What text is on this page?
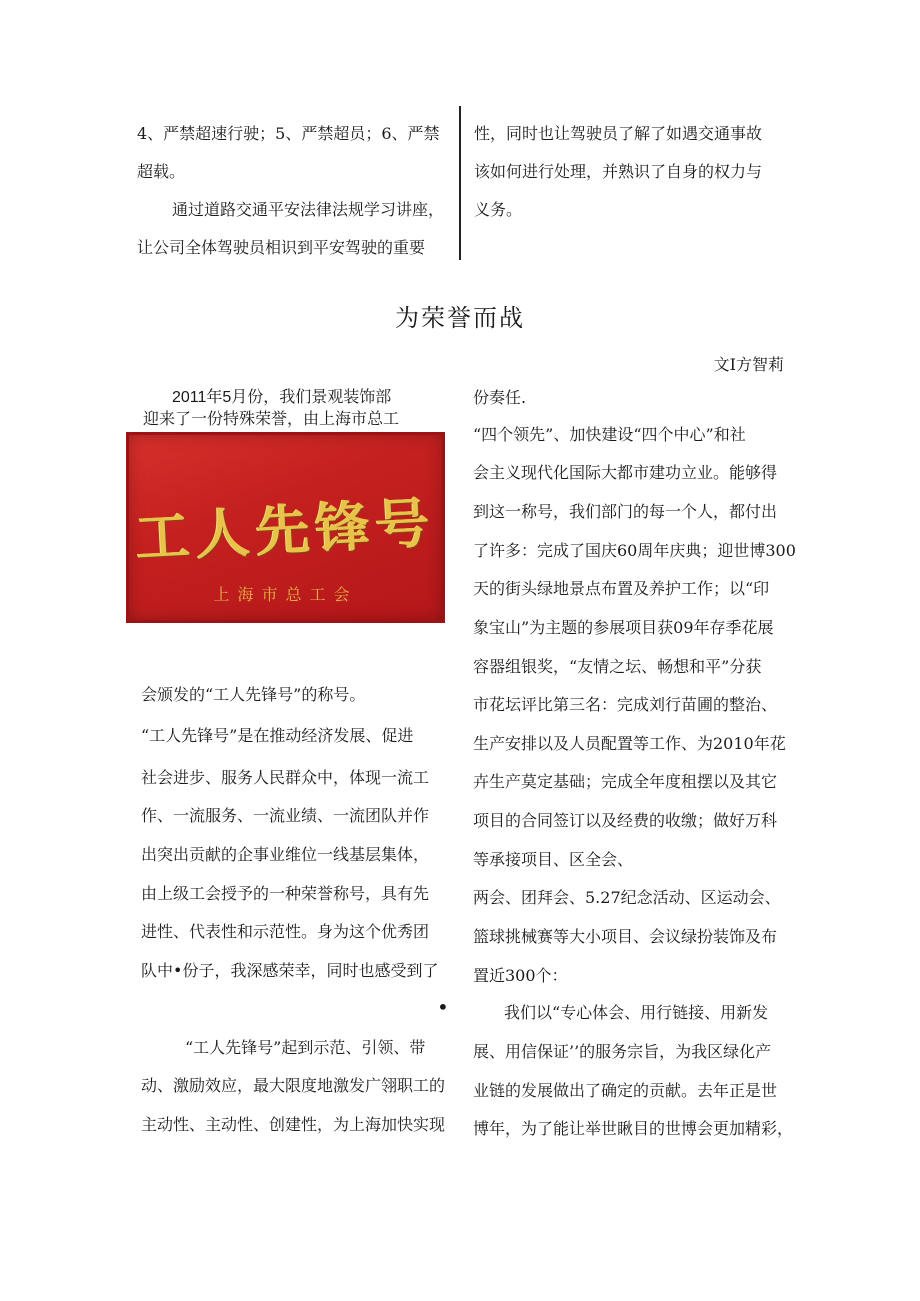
4、严禁超速行驶；5、严禁超员；6、严禁
超载。
通过道路交通平安法律法规学习讲座，
让公司全体驾驶员相识到平安驾驶的重要
性，同时也让驾驶员了解了如遇交通事故
该如何进行处理，并熟识了自身的权力与
义务。
为荣誉而战
文I方智莉
2011年5月份，我们景观装饰部
迎来了一份特殊荣誉，由上海市总工
工人先锋号
上海市总工会
会颁发的“工人先锋号”的称号。
“工人先锋号”是在推动经济发展、促进
社会进步、服务人民群众中，体现一流工
作、一流服务、一流业绩、一流团队并作
出突出贡献的企事业维位一线基层集体，
由上级工会授予的一种荣誉称号，具有先
进性、代表性和示范性。身为这个优秀团
队中•份子，我深感荣幸，同时也感受到了
•
“工人先锋号”起到示范、引领、带
动、激励效应，最大限度地激发广翎职工的
主动性、主动性、创建性，为上海加快实现
份奏任.
“四个领先”、加快建设“四个中心”和社
会主义现代化国际大都市建功立业。能够得
到这一称号，我们部门的每一个人，都付出
了许多：完成了国庆60周年庆典；迎世博300
天的街头绿地景点布置及养护工作；以“印
象宝山”为主题的参展项目获09年存季花展
容器组银奖，“友情之坛、畅想和平”分获
市花坛评比第三名：完成刘行苗圃的整治、
生产安排以及人员配置等工作、为2010年花
卉生产莫定基础；完成全年度租摆以及其它
项目的合同签订以及经费的收缴；做好万科
等承接项目、区全会、
两会、团拜会、5.27纪念活动、区运动会、
篮球挑械赛等大小项目、会议绿扮装饰及布
置近300个：
我们以“专心体会、用行链接、用新发
展、用信保证’’的服务宗旨，为我区绿化产
业链的发展做出了确定的贡献。去年正是世
博年，为了能让举世瞅目的世博会更加精彩，
